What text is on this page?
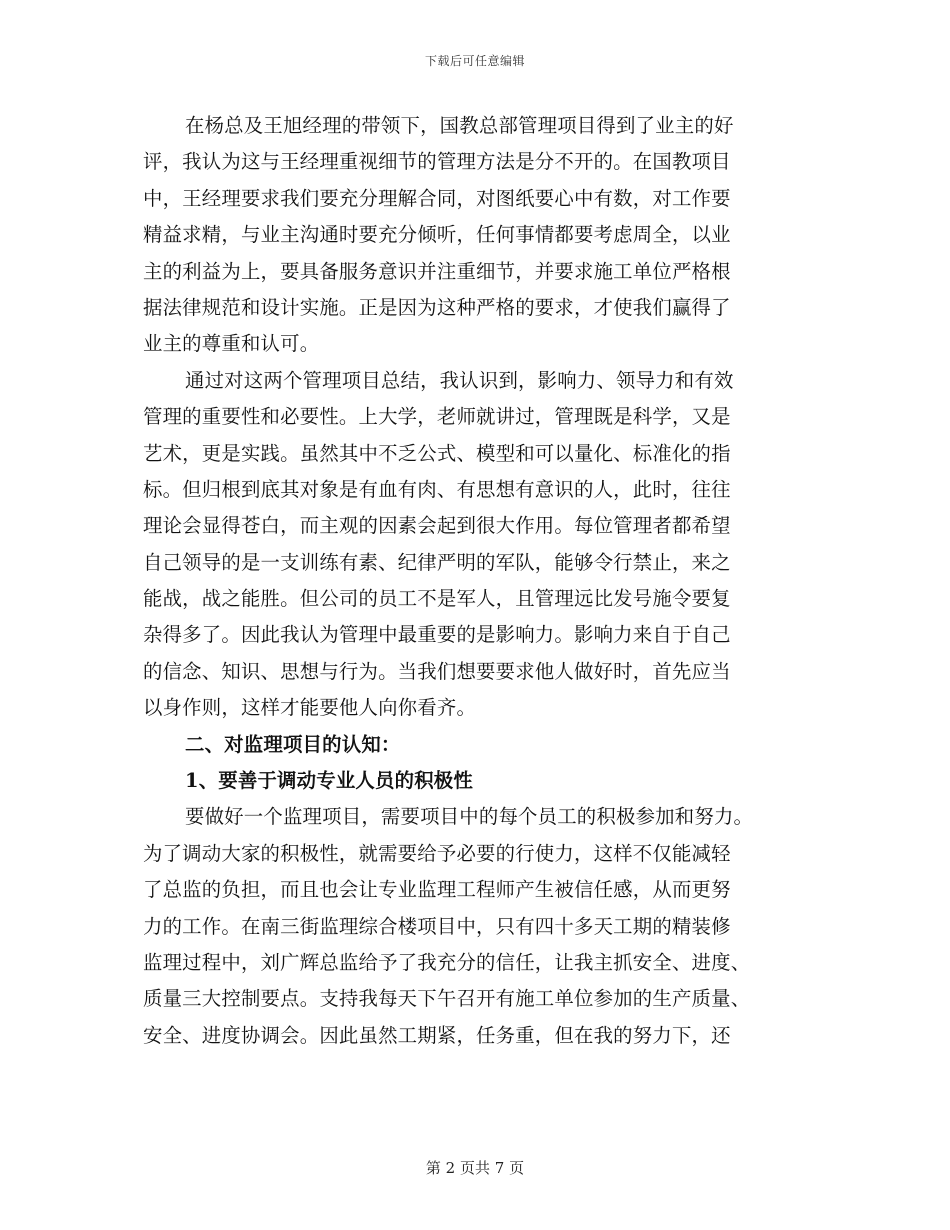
下载后可任意编辑
在杨总及王旭经理的带领下，国教总部管理项目得到了业主的好
评，我认为这与王经理重视细节的管理方法是分不开的。在国教项目
中，王经理要求我们要充分理解合同，对图纸要心中有数，对工作要
精益求精，与业主沟通时要充分倾听，任何事情都要考虑周全，以业
主的利益为上，要具备服务意识并注重细节，并要求施工单位严格根
据法律规范和设计实施。正是因为这种严格的要求，才使我们赢得了
业主的尊重和认可。
通过对这两个管理项目总结，我认识到，影响力、领导力和有效
管理的重要性和必要性。上大学，老师就讲过，管理既是科学，又是
艺术，更是实践。虽然其中不乏公式、模型和可以量化、标准化的指
标。但归根到底其对象是有血有肉、有思想有意识的人，此时，往往
理论会显得苍白，而主观的因素会起到很大作用。每位管理者都希望
自己领导的是一支训练有素、纪律严明的军队，能够令行禁止，来之
能战，战之能胜。但公司的员工不是军人，且管理远比发号施令要复
杂得多了。因此我认为管理中最重要的是影响力。影响力来自于自己
的信念、知识、思想与行为。当我们想要要求他人做好时，首先应当
以身作则，这样才能要他人向你看齐。
二、对监理项目的认知：
1、要善于调动专业人员的积极性
要做好一个监理项目，需要项目中的每个员工的积极参加和努力。
为了调动大家的积极性，就需要给予必要的行使力，这样不仅能减轻
了总监的负担，而且也会让专业监理工程师产生被信任感，从而更努
力的工作。在南三街监理综合楼项目中，只有四十多天工期的精装修
监理过程中，刘广辉总监给予了我充分的信任，让我主抓安全、进度、
质量三大控制要点。支持我每天下午召开有施工单位参加的生产质量、
安全、进度协调会。因此虽然工期紧，任务重，但在我的努力下，还
第 2 页共 7 页
